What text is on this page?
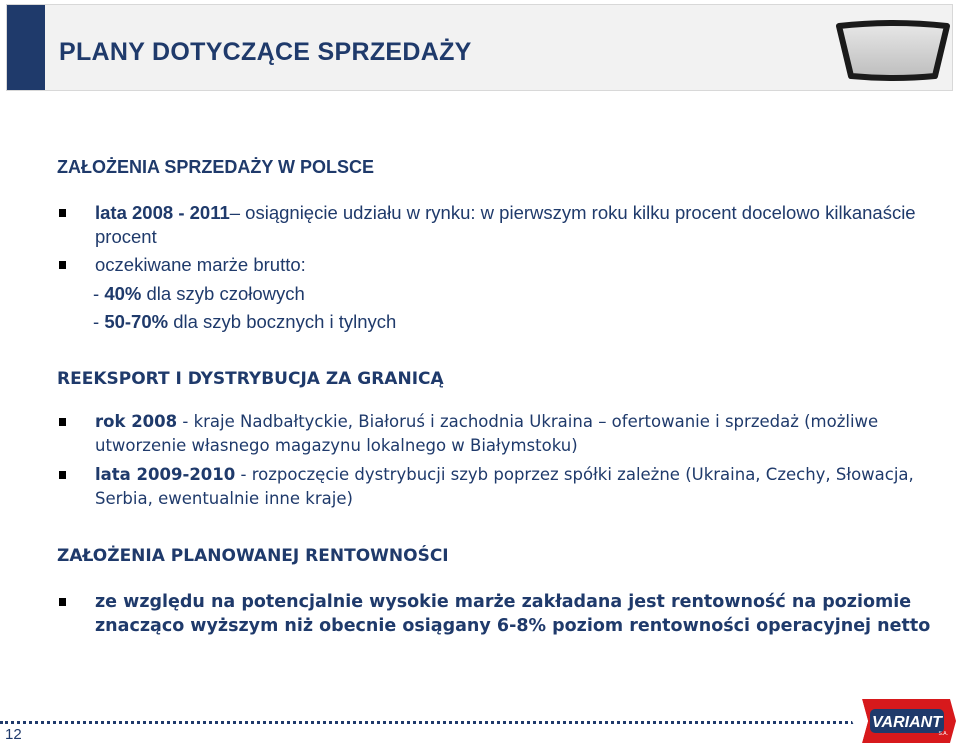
PLANY DOTYCZĄCE SPRZEDAŻY
ZAŁOŻENIA SPRZEDAŻY W POLSCE
lata 2008 - 2011– osiągnięcie udziału w rynku: w pierwszym roku kilku procent docelowo kilkanaście procent
oczekiwane marże brutto:
- 40% dla szyb czołowych
- 50-70% dla szyb bocznych i tylnych
REEKSPORT I DYSTRYBUCJA ZA GRANICĄ
rok 2008 - kraje Nadbałtyckie, Białoruś i zachodnia Ukraina – ofertowanie i sprzedaż (możliwe utworzenie własnego magazynu lokalnego w Białymstoku)
lata 2009-2010 - rozpoczęcie dystrybucji szyb poprzez spółki zależne (Ukraina, Czechy, Słowacja, Serbia, ewentualnie inne kraje)
ZAŁOŻENIA PLANOWANEJ RENTOWNOŚCI
ze względu na potencjalnie wysokie marże zakładana jest rentowność na poziomie znacząco wyższym niż obecnie osiągany 6-8% poziom rentowności operacyjnej netto
12
VARIANT
S.A.
